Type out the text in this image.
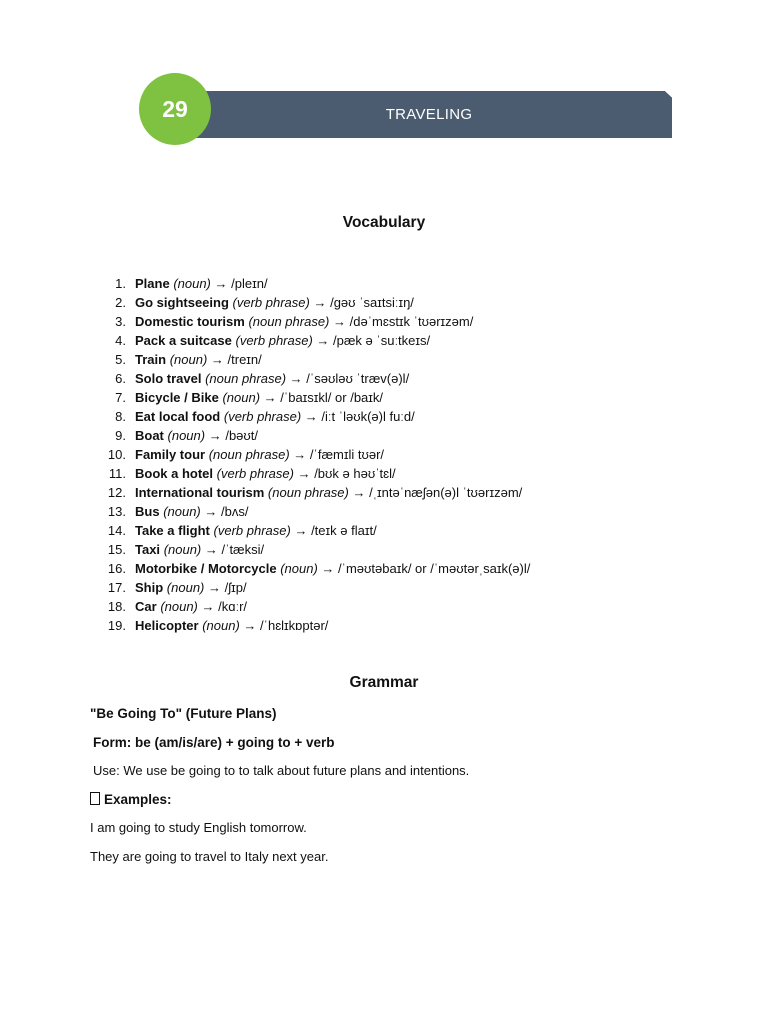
TRAVELING
29
Vocabulary
1. Plane (noun) → /pleɪn/
2. Go sightseeing (verb phrase) → /ɡəʊ ˈsaɪtsiːɪŋ/
3. Domestic tourism (noun phrase) → /dəˈmɛstɪk ˈtʊərɪzəm/
4. Pack a suitcase (verb phrase) → /pæk ə ˈsuːtkeɪs/
5. Train (noun) → /treɪn/
6. Solo travel (noun phrase) → /ˈsəʊləʊ ˈtræv(ə)l/
7. Bicycle / Bike (noun) → /ˈbaɪsɪkl/ or /baɪk/
8. Eat local food (verb phrase) → /iːt ˈləʊk(ə)l fuːd/
9. Boat (noun) → /bəʊt/
10. Family tour (noun phrase) → /ˈfæmɪli tʊər/
11. Book a hotel (verb phrase) → /bʊk ə həʊˈtɛl/
12. International tourism (noun phrase) → /ˌɪntəˈnæʃən(ə)l ˈtʊərɪzəm/
13. Bus (noun) → /bʌs/
14. Take a flight (verb phrase) → /teɪk ə flaɪt/
15. Taxi (noun) → /ˈtæksi/
16. Motorbike / Motorcycle (noun) → /ˈməʊtəbaɪk/ or /ˈməʊtərˌsaɪk(ə)l/
17. Ship (noun) → /ʃɪp/
18. Car (noun) → /kɑːr/
19. Helicopter (noun) → /ˈhɛlɪkɒptər/
Grammar
"Be Going To" (Future Plans)
Form: be (am/is/are) + going to + verb
Use: We use be going to to talk about future plans and intentions.
Examples:
I am going to study English tomorrow.
They are going to travel to Italy next year.
